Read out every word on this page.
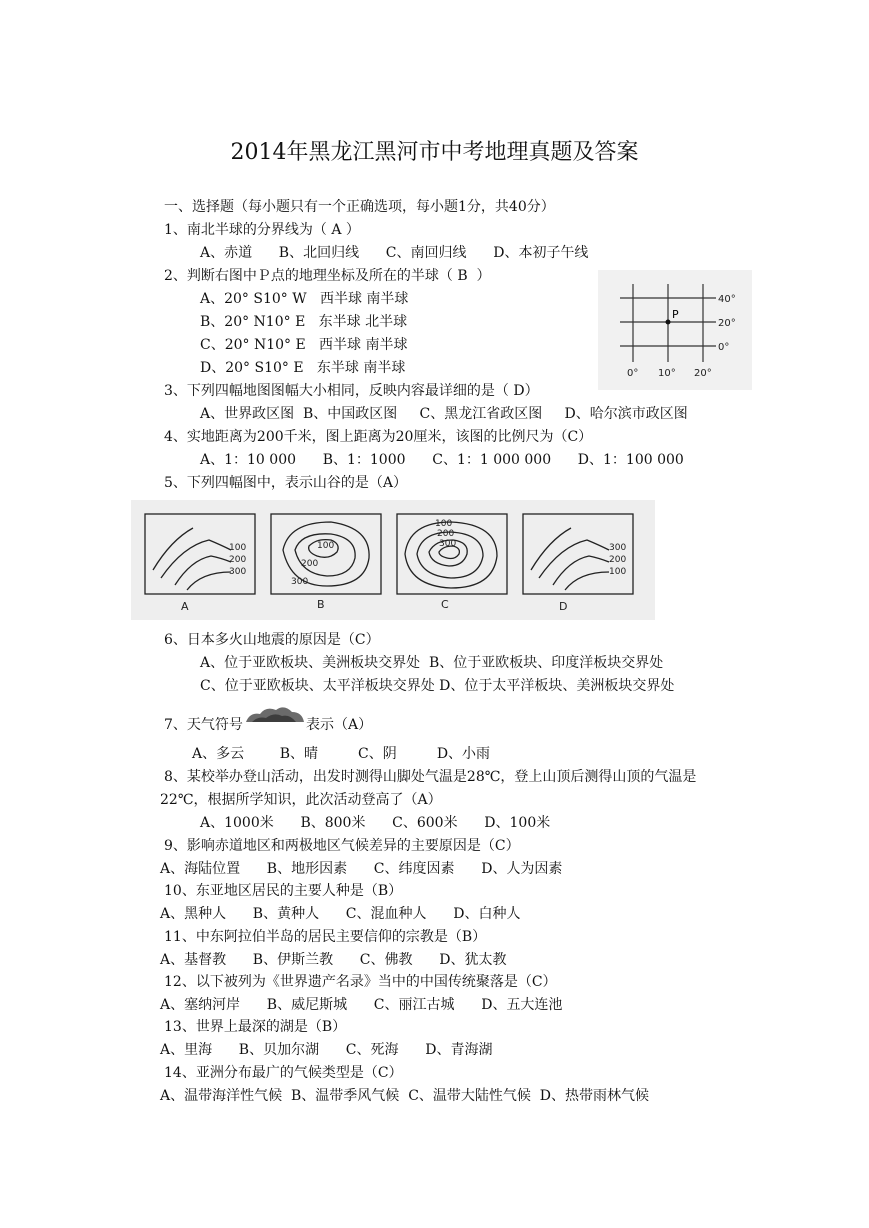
2014年黑龙江黑河市中考地理真题及答案
一、选择题（每小题只有一个正确选项，每小题1分，共40分）
1、南北半球的分界线为（ A ）
A、赤道      B、北回归线      C、南回归线      D、本初子午线
2、判断右图中Ｐ点的地理坐标及所在的半球（ B  ）
A、20° S10° W   西半球 南半球
B、20° N10° E   东半球 北半球
C、20° N10° E   西半球 南半球
D、20° S10° E   东半球 南半球
P
40°
20°
0°
0° 10° 20°
3、下列四幅地图图幅大小相同，反映内容最详细的是（ D）
A、世界政区图  B、中国政区图     C、黑龙江省政区图     D、哈尔滨市政区图
4、实地距离为200千米，图上距离为20厘米，该图的比例尺为（C）
A、1：10 000      B、1：1000      C、1：1 000 000      D、1：100 000
5、下列四幅图中，表示山谷的是（A）
100
200
300
100
200
300
100
200
300	300
200
100
A	B	C	D
6、日本多火山地震的原因是（C）
A、位于亚欧板块、美洲板块交界处  B、位于亚欧板块、印度洋板块交界处
C、位于亚欧板块、太平洋板块交界处 D、位于太平洋板块、美洲板块交界处
7、天气符号	表示（A）
A、多云        B、晴         C、阴         D、小雨
8、某校举办登山活动，出发时测得山脚处气温是28℃，登上山顶后测得山顶的气温是
22℃，根据所学知识，此次活动登高了（A）
A、1000米      B、800米      C、600米      D、100米
9、影响赤道地区和两极地区气候差异的主要原因是（C）
A、海陆位置      B、地形因素      C、纬度因素      D、人为因素
10、东亚地区居民的主要人种是（B）
A、黑种人      B、黄种人      C、混血种人      D、白种人
11、中东阿拉伯半岛的居民主要信仰的宗教是（B）
A、基督教      B、伊斯兰教      C、佛教      D、犹太教
12、以下被列为《世界遗产名录》当中的中国传统聚落是（C）
A、塞纳河岸      B、威尼斯城      C、丽江古城      D、五大连池
13、世界上最深的湖是（B）
A、里海      B、贝加尔湖      C、死海      D、青海湖
14、亚洲分布最广的气候类型是（C）
A、温带海洋性气候  B、温带季风气候  C、温带大陆性气候  D、热带雨林气候
